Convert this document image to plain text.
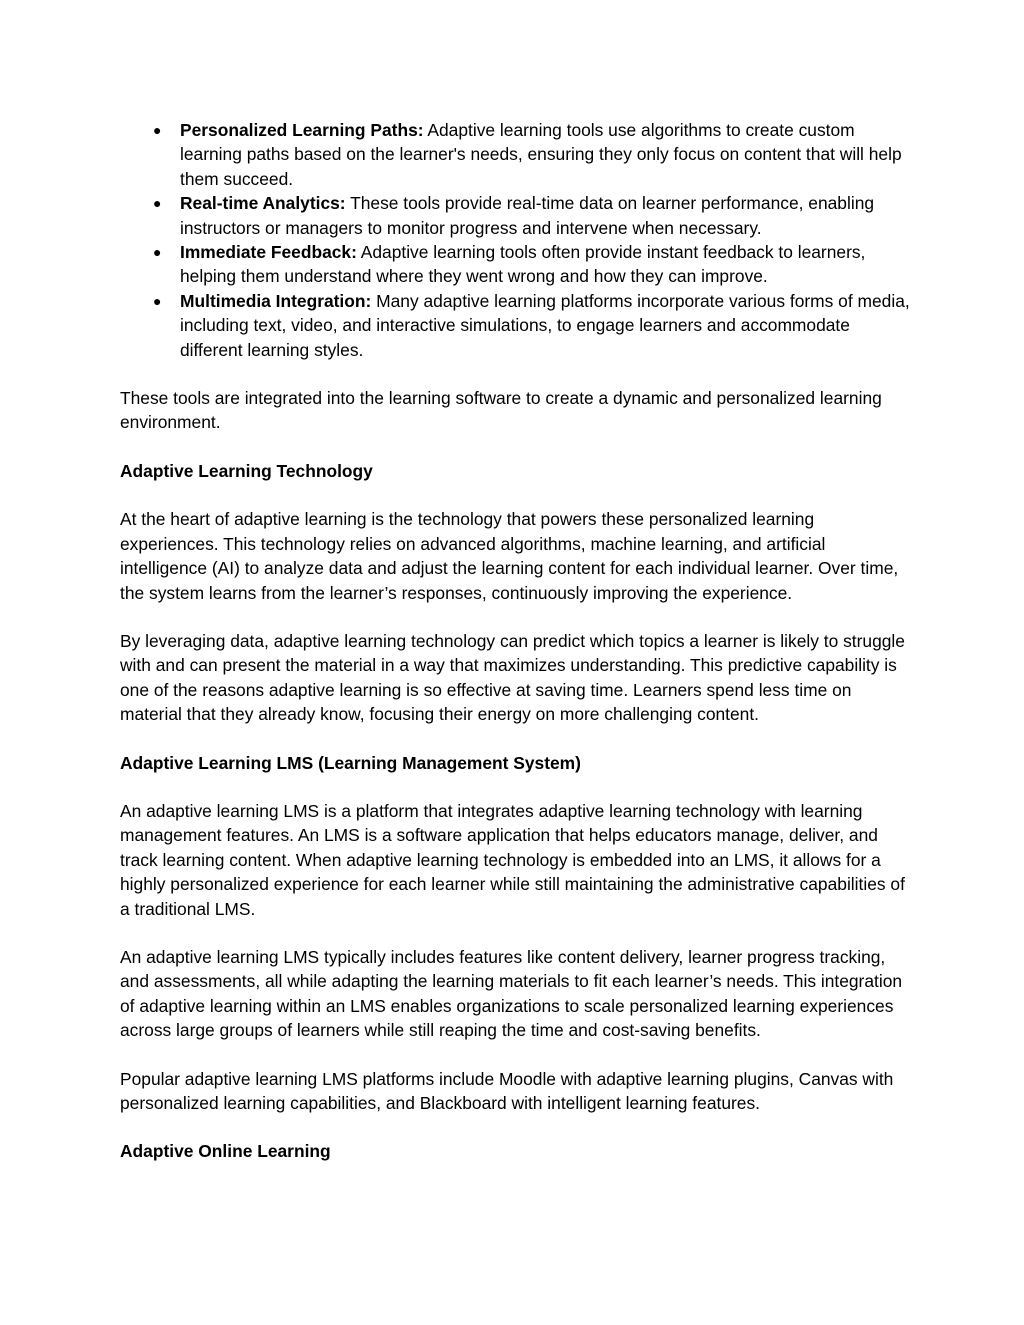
● Personalized Learning Paths: Adaptive learning tools use algorithms to create custom learning paths based on the learner's needs, ensuring they only focus on content that will help them succeed.
● Real-time Analytics: These tools provide real-time data on learner performance, enabling instructors or managers to monitor progress and intervene when necessary.
● Immediate Feedback: Adaptive learning tools often provide instant feedback to learners, helping them understand where they went wrong and how they can improve.
● Multimedia Integration: Many adaptive learning platforms incorporate various forms of media, including text, video, and interactive simulations, to engage learners and accommodate different learning styles.

These tools are integrated into the learning software to create a dynamic and personalized learning environment.

Adaptive Learning Technology

At the heart of adaptive learning is the technology that powers these personalized learning experiences. This technology relies on advanced algorithms, machine learning, and artificial intelligence (AI) to analyze data and adjust the learning content for each individual learner. Over time, the system learns from the learner’s responses, continuously improving the experience.

By leveraging data, adaptive learning technology can predict which topics a learner is likely to struggle with and can present the material in a way that maximizes understanding. This predictive capability is one of the reasons adaptive learning is so effective at saving time. Learners spend less time on material that they already know, focusing their energy on more challenging content.

Adaptive Learning LMS (Learning Management System)

An adaptive learning LMS is a platform that integrates adaptive learning technology with learning management features. An LMS is a software application that helps educators manage, deliver, and track learning content. When adaptive learning technology is embedded into an LMS, it allows for a highly personalized experience for each learner while still maintaining the administrative capabilities of a traditional LMS.

An adaptive learning LMS typically includes features like content delivery, learner progress tracking, and assessments, all while adapting the learning materials to fit each learner’s needs. This integration of adaptive learning within an LMS enables organizations to scale personalized learning experiences across large groups of learners while still reaping the time and cost-saving benefits.

Popular adaptive learning LMS platforms include Moodle with adaptive learning plugins, Canvas with personalized learning capabilities, and Blackboard with intelligent learning features.

Adaptive Online Learning
